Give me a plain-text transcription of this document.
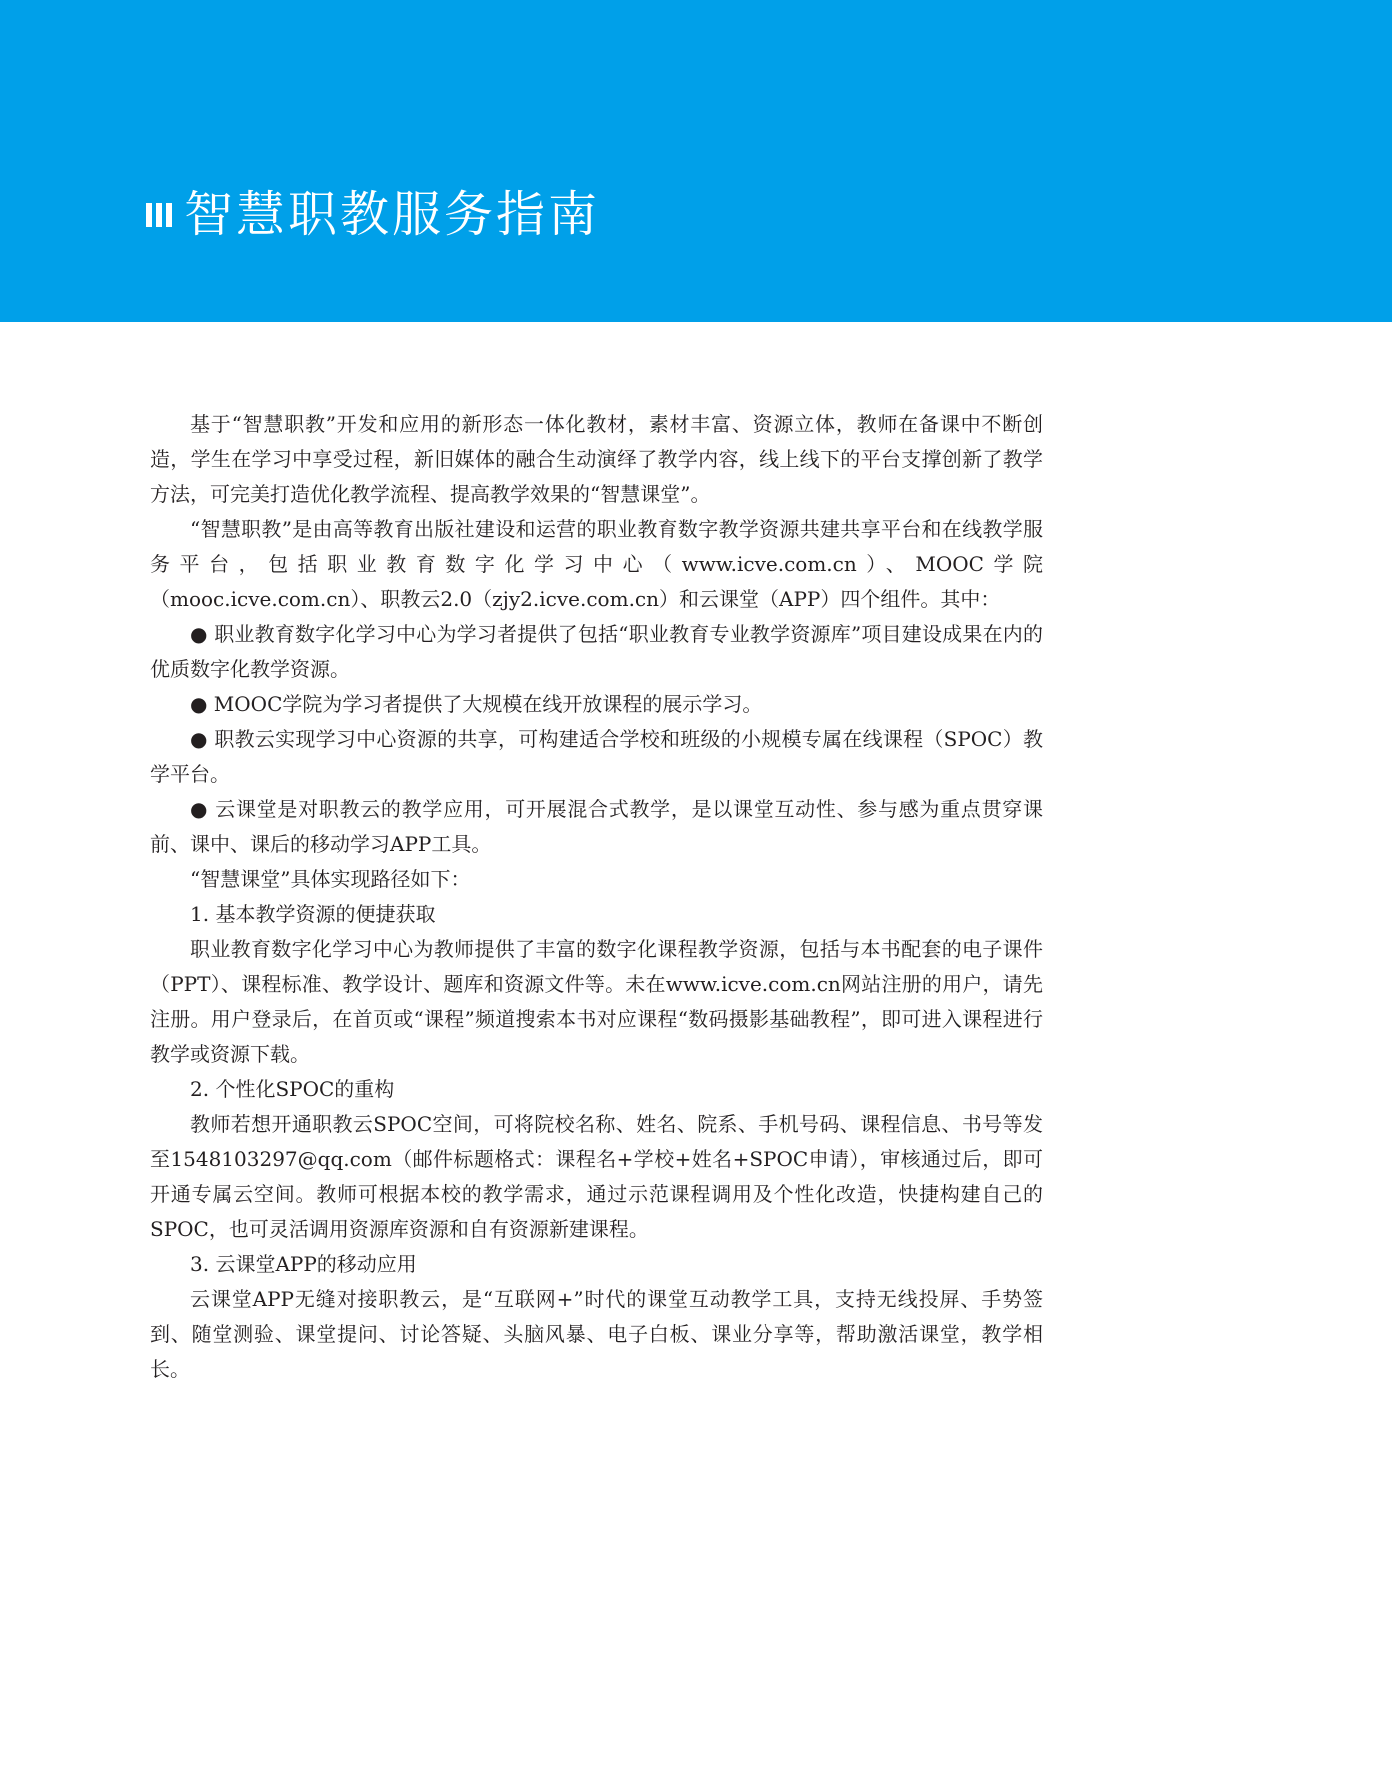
智慧职教服务指南

基于“智慧职教”开发和应用的新形态一体化教材，素材丰富、资源立体，教师在备课中不断创造，学生在学习中享受过程，新旧媒体的融合生动演绎了教学内容，线上线下的平台支撑创新了教学方法，可完美打造优化教学流程、提高教学效果的“智慧课堂”。

“智慧职教”是由高等教育出版社建设和运营的职业教育数字教学资源共建共享平台和在线教学服务平台，包括职业教育数字化学习中心（www.icve.com.cn）、MOOC学院（mooc.icve.com.cn）、职教云2.0（zjy2.icve.com.cn）和云课堂（APP）四个组件。其中：

● 职业教育数字化学习中心为学习者提供了包括“职业教育专业教学资源库”项目建设成果在内的优质数字化教学资源。

● MOOC学院为学习者提供了大规模在线开放课程的展示学习。

● 职教云实现学习中心资源的共享，可构建适合学校和班级的小规模专属在线课程（SPOC）教学平台。

● 云课堂是对职教云的教学应用，可开展混合式教学，是以课堂互动性、参与感为重点贯穿课前、课中、课后的移动学习APP工具。

“智慧课堂”具体实现路径如下：

1. 基本教学资源的便捷获取

职业教育数字化学习中心为教师提供了丰富的数字化课程教学资源，包括与本书配套的电子课件（PPT）、课程标准、教学设计、题库和资源文件等。未在www.icve.com.cn网站注册的用户，请先注册。用户登录后，在首页或“课程”频道搜索本书对应课程“数码摄影基础教程”，即可进入课程进行教学或资源下载。

2. 个性化SPOC的重构

教师若想开通职教云SPOC空间，可将院校名称、姓名、院系、手机号码、课程信息、书号等发至1548103297@qq.com（邮件标题格式：课程名+学校+姓名+SPOC申请），审核通过后，即可开通专属云空间。教师可根据本校的教学需求，通过示范课程调用及个性化改造，快捷构建自己的SPOC，也可灵活调用资源库资源和自有资源新建课程。

3. 云课堂APP的移动应用

云课堂APP无缝对接职教云，是“互联网+”时代的课堂互动教学工具，支持无线投屏、手势签到、随堂测验、课堂提问、讨论答疑、头脑风暴、电子白板、课业分享等，帮助激活课堂，教学相长。
